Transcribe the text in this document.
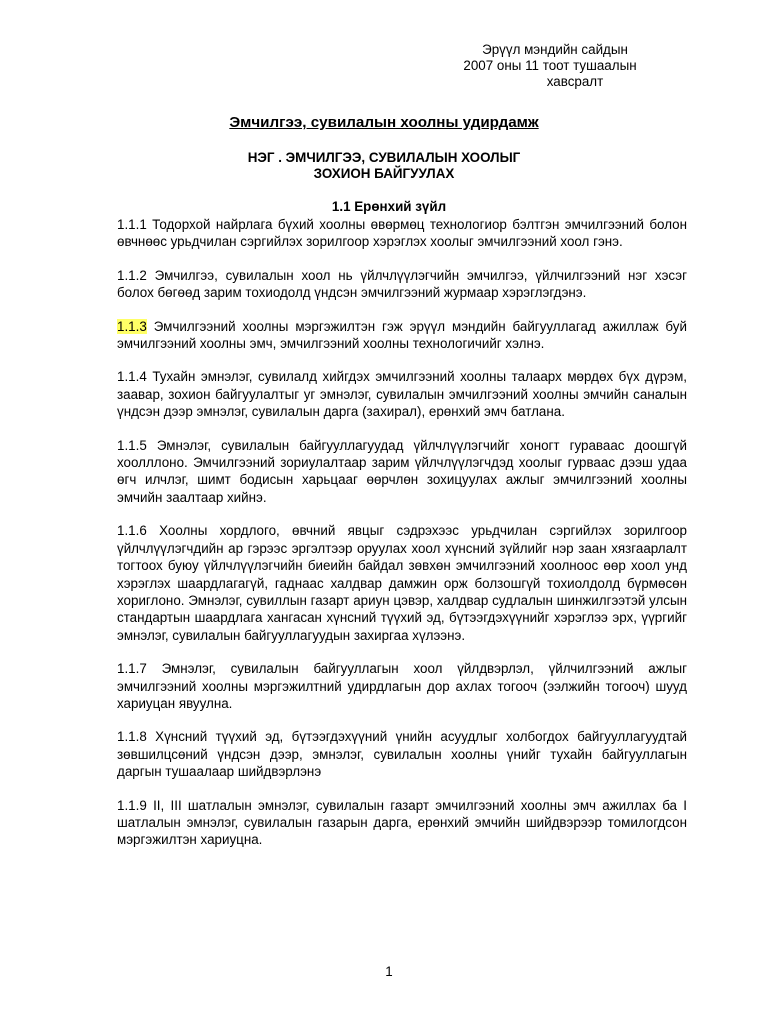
Эрүүл мэндийн сайдын
2007 оны 11 тоот тушаалын
хавсралт
Эмчилгээ, сувилалын хоолны удирдамж
НЭГ . ЭМЧИЛГЭЭ, СУВИЛАЛЫН ХООЛЫГ
ЗОХИОН БАЙГУУЛАХ
1.1 Ерөнхий зүйл

1.1.1 Тодорхой найрлага бүхий хоолны өвөрмөц технологиор бэлтгэн эмчилгээний болон өвчнөөс урьдчилан сэргийлэх зорилгоор хэрэглэх хоолыг эмчилгээний хоол гэнэ.

1.1.2 Эмчилгээ, сувилалын хоол нь үйлчлүүлэгчийн эмчилгээ, үйлчилгээний нэг хэсэг болох бөгөөд зарим тохиодолд үндсэн эмчилгээний журмаар хэрэглэгдэнэ.

1.1.3 Эмчилгээний хоолны мэргэжилтэн гэж эрүүл мэндийн байгууллагад ажиллаж буй эмчилгээний хоолны эмч, эмчилгээний хоолны технологичийг хэлнэ.

1.1.4 Тухайн эмнэлэг, сувилалд хийгдэх эмчилгээний хоолны талаарх мөрдөх бүх дүрэм, заавар, зохион байгуулалтыг уг эмнэлэг, сувилалын эмчилгээний хоолны эмчийн саналын үндсэн дээр эмнэлэг, сувилалын дарга (захирал), ерөнхий эмч батлана.

1.1.5 Эмнэлэг, сувилалын байгууллагуудад үйлчлүүлэгчийг хоногт гураваас доошгүй хоолллоно. Эмчилгээний зориулалтаар зарим үйлчлүүлэгчдэд хоолыг гурваас дээш удаа өгч илчлэг, шимт бодисын харьцааг өөрчлөн зохицуулах ажлыг эмчилгээний хоолны эмчийн заалтаар хийнэ.

1.1.6 Хоолны хордлого, өвчний явцыг сэдрэхээс урьдчилан сэргийлэх зорилгоор үйлчлүүлэгчдийн ар гэрээс эргэлтээр оруулах хоол хүнсний зүйлийг нэр заан хязгаарлалт тогтоох буюу үйлчлүүлэгчийн биеийн байдал зөвхөн эмчилгээний хоолноос өөр хоол унд хэрэглэх шаардлагагүй, гаднаас халдвар дамжин орж болзошгүй тохиолдолд бүрмөсөн хориглоно. Эмнэлэг, сувиллын газарт ариун цэвэр, халдвар судлалын шинжилгээтэй улсын стандартын шаардлага хангасан хүнсний түүхий эд, бүтээгдэхүүнийг хэрэглээ эрх, үүргийг эмнэлэг, сувилалын байгууллагуудын захиргаа хүлээнэ.

1.1.7 Эмнэлэг, сувилалын байгууллагын хоол үйлдвэрлэл, үйлчилгээний ажлыг эмчилгээний хоолны мэргэжилтний удирдлагын дор ахлах тогооч (ээлжийн тогооч) шууд хариуцан явуулна.

1.1.8 Хүнсний түүхий эд, бүтээгдэхүүний үнийн асуудлыг холбогдох байгууллагуудтай зөвшилцсөний үндсэн дээр, эмнэлэг, сувилалын хоолны үнийг тухайн байгууллагын даргын тушаалаар шийдвэрлэнэ

1.1.9 II, III шатлалын эмнэлэг, сувилалын газарт эмчилгээний хоолны эмч ажиллах ба I шатлалын эмнэлэг, сувилалын газарын дарга, ерөнхий эмчийн шийдвэрээр томилогдсон мэргэжилтэн хариуцна.

1
